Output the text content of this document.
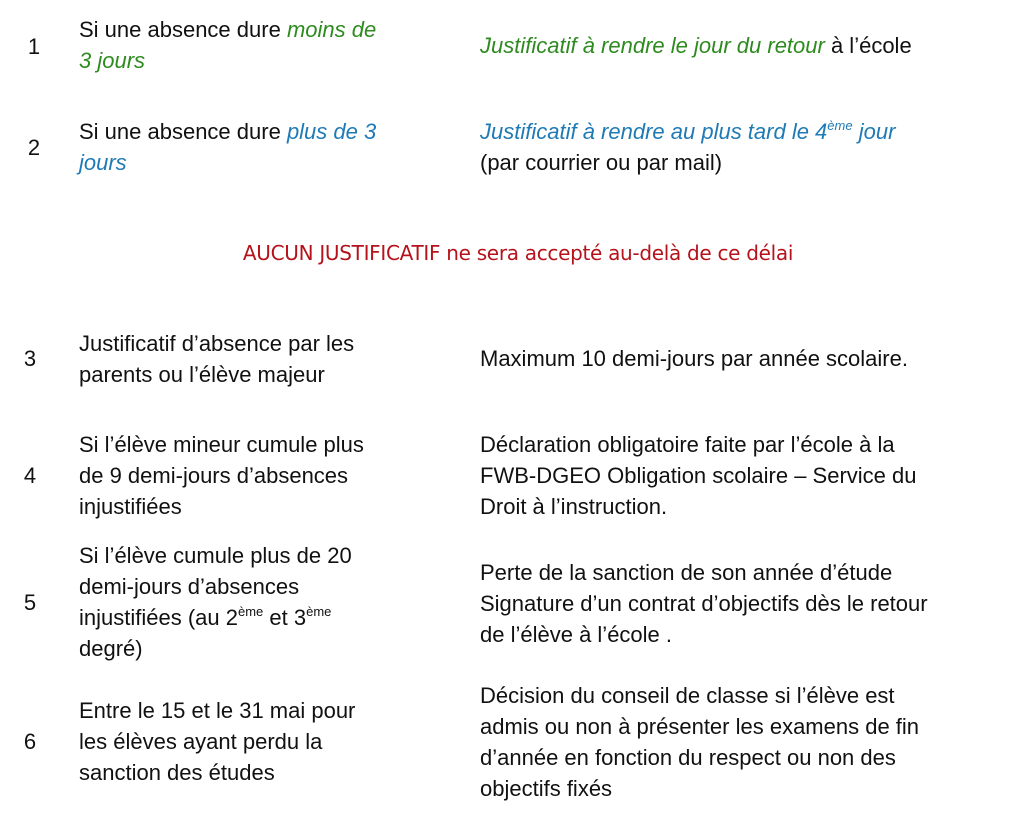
1
Si une absence dure moins de
3 jours
Justificatif à rendre le jour du retour à l’école
2
Si une absence dure plus de 3
jours
Justificatif à rendre au plus tard le 4ème jour
(par courrier ou par mail)
AUCUN JUSTIFICATIF ne sera accepté au-delà de ce délai
3
Justificatif d’absence par les
parents ou l’élève majeur
Maximum 10 demi-jours par année scolaire.
4
Si l’élève mineur cumule plus
de 9 demi-jours d’absences
injustifiées
Déclaration obligatoire faite par l’école à la
FWB-DGEO Obligation scolaire – Service du
Droit à l’instruction.
5
Si l’élève cumule plus de 20
demi-jours d’absences
injustifiées (au 2ème et 3ème
degré)
Perte de la sanction de son année d’étude
Signature d’un contrat d’objectifs dès le retour
de l’élève à l’école .
6
Entre le 15 et le 31 mai pour
les élèves ayant perdu la
sanction des études
Décision du conseil de classe si l’élève est
admis ou non à présenter les examens de fin
d’année en fonction du respect ou non des
objectifs fixés
